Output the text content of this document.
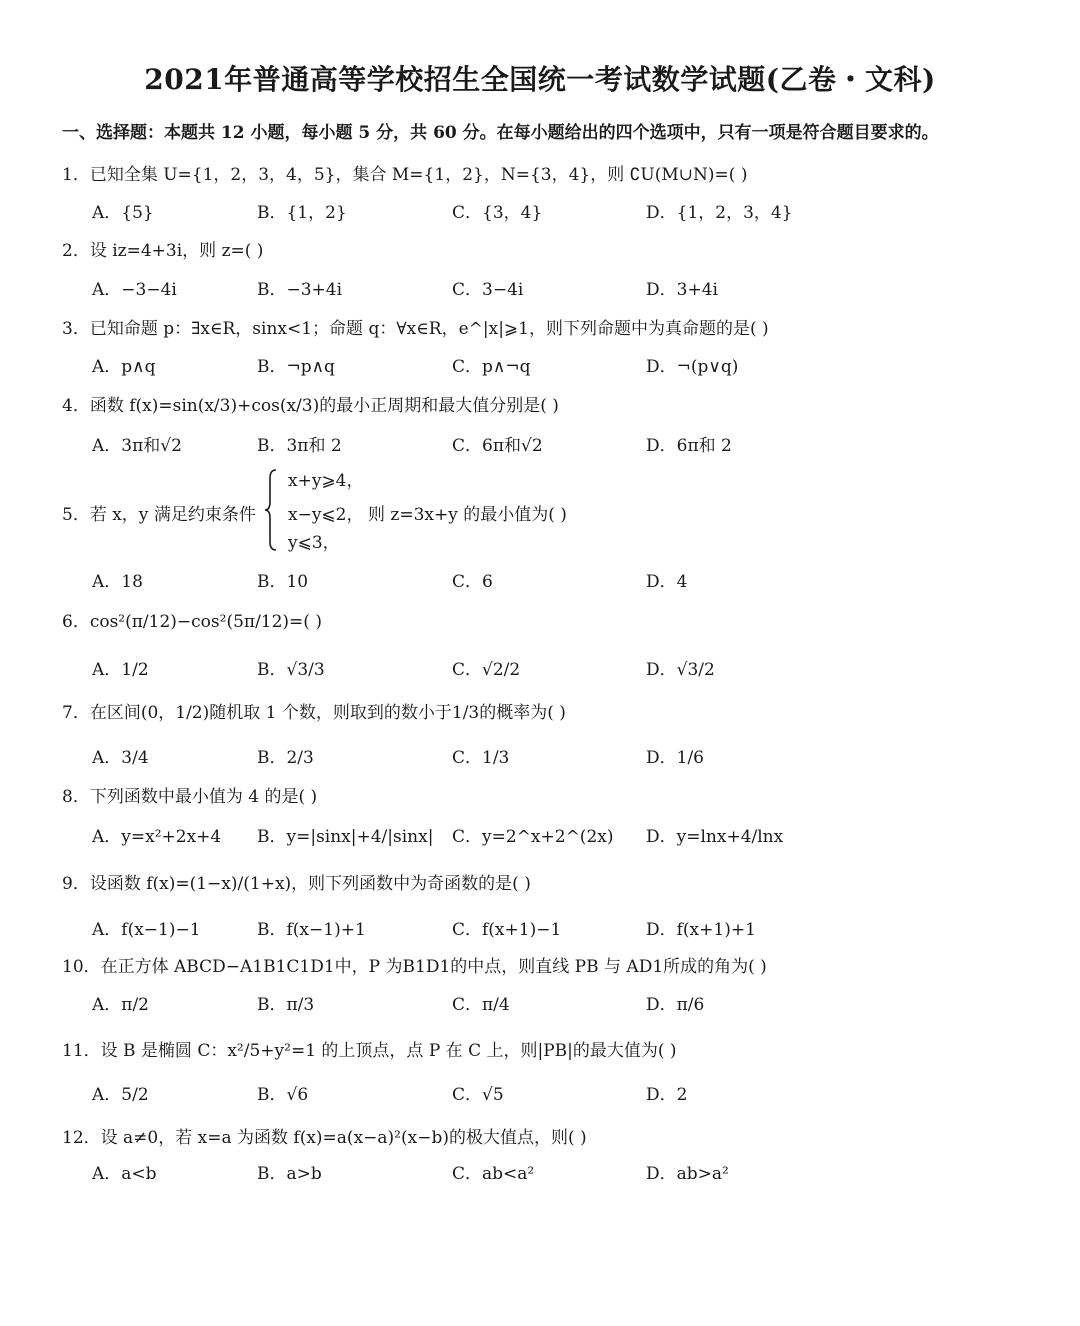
2021年普通高等学校招生全国统一考试数学试题(乙卷・文科)
一、选择题：本题共 12 小题，每小题 5 分，共 60 分。在每小题给出的四个选项中，只有一项是符合题目要求的。
1．已知全集 U={1，2，3，4，5}，集合 M={1，2}，N={3，4}，则 ∁U(M∪N)=( )
A．{5}	B．{1，2}	C．{3，4}	D．{1，2，3，4}
2．设 iz=4+3i，则 z=( )
A．−3−4i	B．−3+4i	C．3−4i	D．3+4i
3．已知命题 p：∃x∈R，sinx<1；命题 q：∀x∈R，e^|x|⩾1，则下列命题中为真命题的是( )
A．p∧q	B．¬p∧q	C．p∧¬q	D．¬(p∨q)
4．函数 f(x)=sin(x/3)+cos(x/3)的最小正周期和最大值分别是( )
A．3π和√2	B．3π和 2	C．6π和√2	D．6π和 2
5．若 x，y 满足约束条件
x+y⩾4，
x−y⩽2，
y⩽3，
则 z=3x+y 的最小值为( )
A．18	B．10	C．6	D．4
6．cos²(π/12)−cos²(5π/12)=( )
A．1/2	B．√3/3	C．√2/2	D．√3/2
7．在区间(0，1/2)随机取 1 个数，则取到的数小于1/3的概率为( )
A．3/4	B．2/3	C．1/3	D．1/6
8．下列函数中最小值为 4 的是( )
A．y=x²+2x+4 B．y=|sinx|+4/|sinx| C．y=2^x+2^(2x) D．y=lnx+4/lnx
9．设函数 f(x)=(1−x)/(1+x)，则下列函数中为奇函数的是( )
A．f(x−1)−1	B．f(x−1)+1	C．f(x+1)−1	D．f(x+1)+1
10．在正方体 ABCD−A1B1C1D1中，P 为B1D1的中点，则直线 PB 与 AD1所成的角为( )
A．π/2	B．π/3	C．π/4	D．π/6
11．设 B 是椭圆 C：x²/5+y²=1 的上顶点，点 P 在 C 上，则|PB|的最大值为( )
A．5/2	B．√6	C．√5	D．2
12．设 a≠0，若 x=a 为函数 f(x)=a(x−a)²(x−b)的极大值点，则( )
A．a<b	B．a>b	C．ab<a²	D．ab>a²
